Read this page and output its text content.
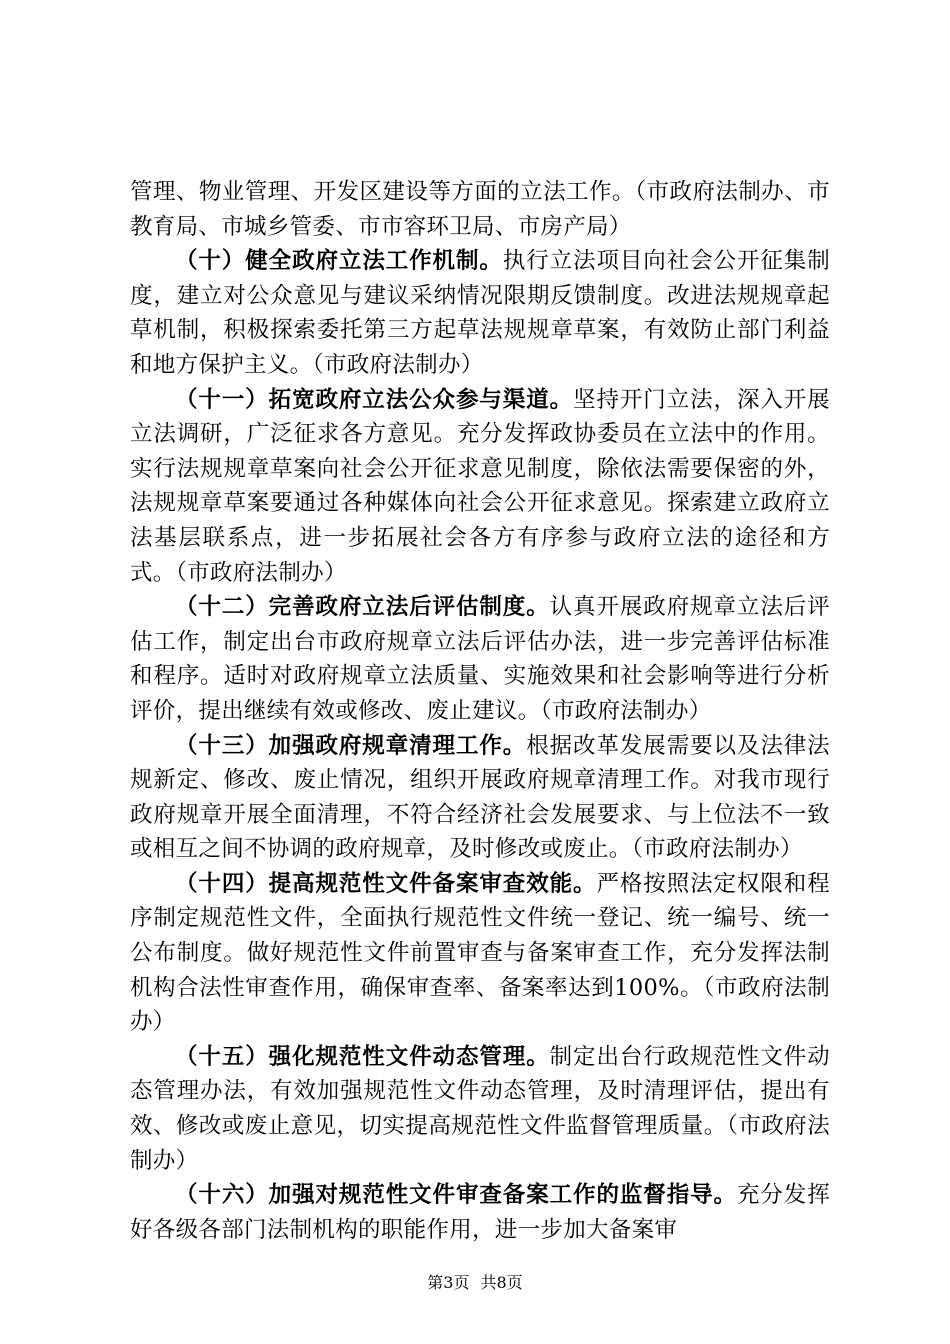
管理、物业管理、开发区建设等方面的立法工作。（市政府法制办、市教育局、市城乡管委、市市容环卫局、市房产局）

（十）健全政府立法工作机制。执行立法项目向社会公开征集制度，建立对公众意见与建议采纳情况限期反馈制度。改进法规规章起草机制，积极探索委托第三方起草法规规章草案，有效防止部门利益和地方保护主义。（市政府法制办）

（十一）拓宽政府立法公众参与渠道。坚持开门立法，深入开展立法调研，广泛征求各方意见。充分发挥政协委员在立法中的作用。实行法规规章草案向社会公开征求意见制度，除依法需要保密的外，法规规章草案要通过各种媒体向社会公开征求意见。探索建立政府立法基层联系点，进一步拓展社会各方有序参与政府立法的途径和方式。（市政府法制办）

（十二）完善政府立法后评估制度。认真开展政府规章立法后评估工作，制定出台市政府规章立法后评估办法，进一步完善评估标准和程序。适时对政府规章立法质量、实施效果和社会影响等进行分析评价，提出继续有效或修改、废止建议。（市政府法制办）

（十三）加强政府规章清理工作。根据改革发展需要以及法律法规新定、修改、废止情况，组织开展政府规章清理工作。对我市现行政府规章开展全面清理，不符合经济社会发展要求、与上位法不一致或相互之间不协调的政府规章，及时修改或废止。（市政府法制办）

（十四）提高规范性文件备案审查效能。严格按照法定权限和程序制定规范性文件，全面执行规范性文件统一登记、统一编号、统一公布制度。做好规范性文件前置审查与备案审查工作，充分发挥法制机构合法性审查作用，确保审查率、备案率达到100%。（市政府法制办）

（十五）强化规范性文件动态管理。制定出台行政规范性文件动态管理办法，有效加强规范性文件动态管理，及时清理评估，提出有效、修改或废止意见，切实提高规范性文件监督管理质量。（市政府法制办）

（十六）加强对规范性文件审查备案工作的监督指导。充分发挥好各级各部门法制机构的职能作用，进一步加大备案审

第3页 共8页
